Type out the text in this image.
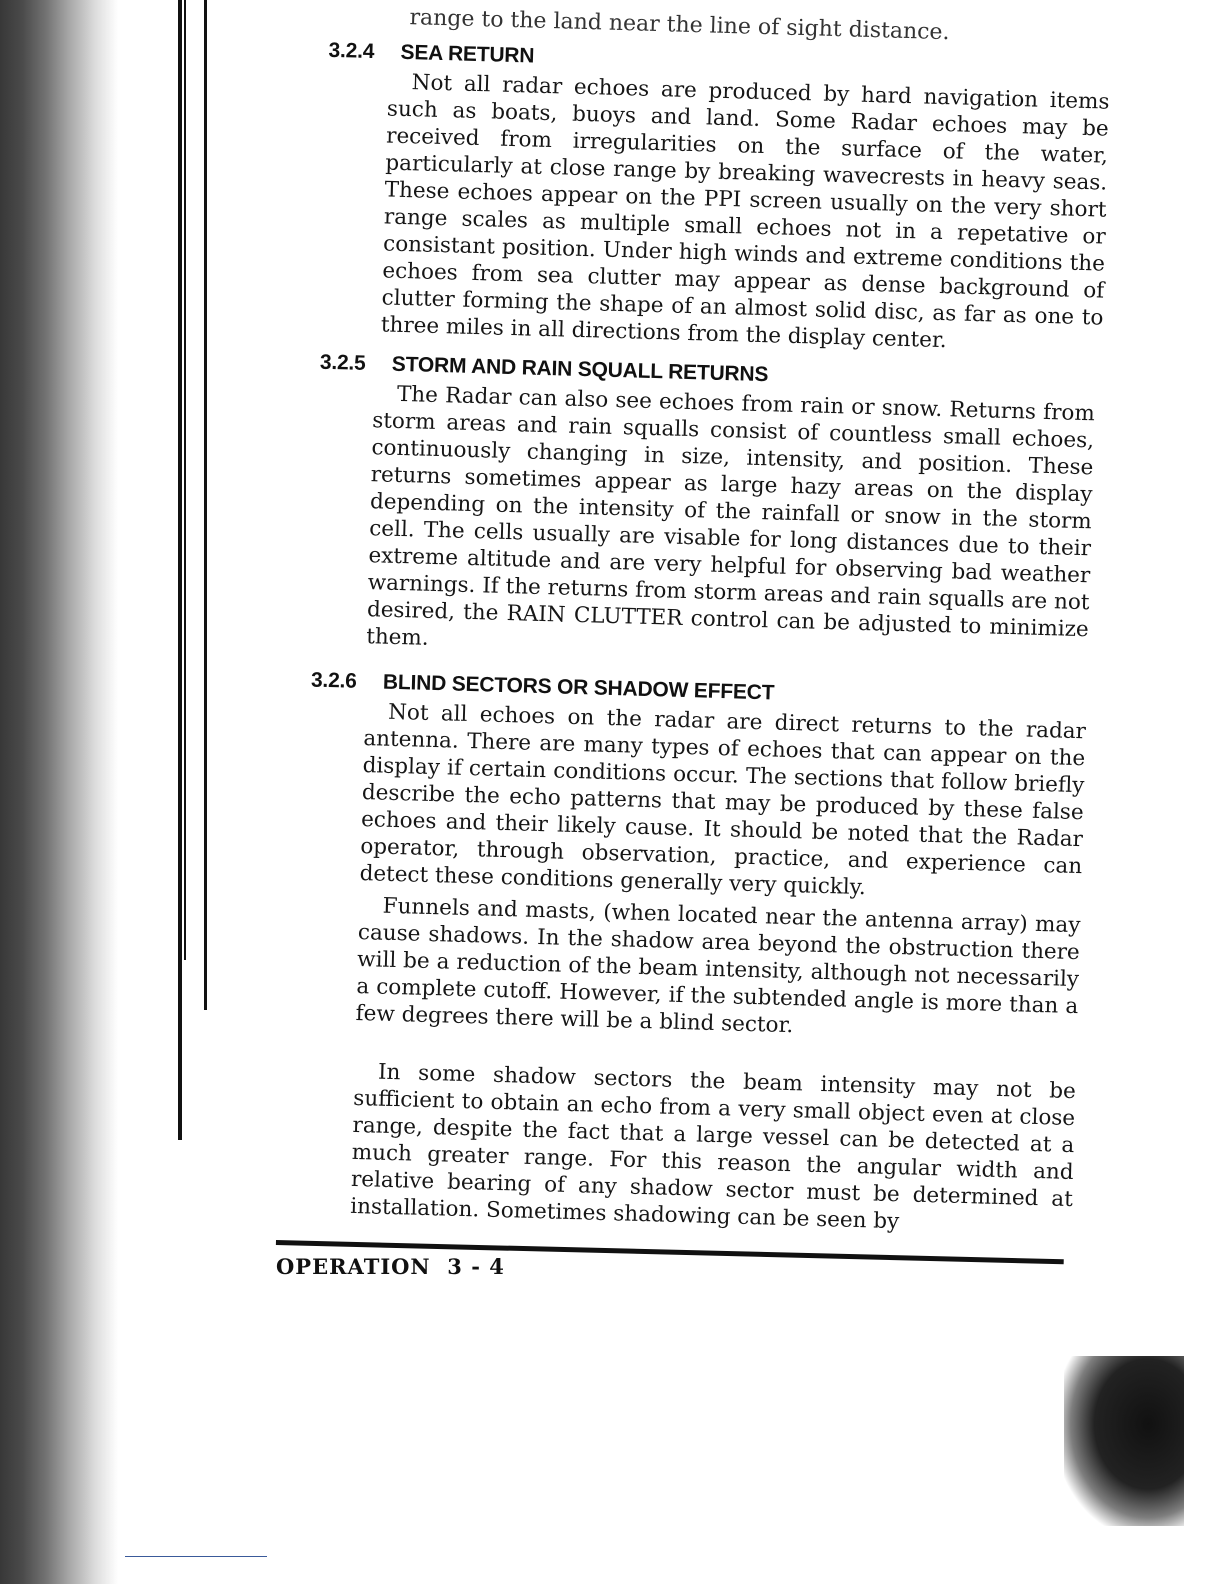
range to the land near the line of sight distance.
3.2.4 SEA RETURN
Not all radar echoes are produced by hard navigation items such as boats, buoys and land. Some Radar echoes may be received from irregularities on the surface of the water, particularly at close range by breaking wavecrests in heavy seas. These echoes appear on the PPI screen usually on the very short range scales as multiple small echoes not in a repetative or consistant position. Under high winds and extreme conditions the echoes from sea clutter may appear as dense background of clutter forming the shape of an almost solid disc, as far as one to three miles in all directions from the display center.
3.2.5 STORM AND RAIN SQUALL RETURNS
The Radar can also see echoes from rain or snow. Returns from storm areas and rain squalls consist of countless small echoes, continuously changing in size, intensity, and position. These returns sometimes appear as large hazy areas on the display depending on the intensity of the rainfall or snow in the storm cell. The cells usually are visable for long distances due to their extreme altitude and are very helpful for observing bad weather warnings. If the returns from storm areas and rain squalls are not desired, the RAIN CLUTTER control can be adjusted to minimize them.
3.2.6 BLIND SECTORS OR SHADOW EFFECT
Not all echoes on the radar are direct returns to the radar antenna. There are many types of echoes that can appear on the display if certain conditions occur. The sections that follow briefly describe the echo patterns that may be produced by these false echoes and their likely cause. It should be noted that the Radar operator, through observation, practice, and experience can detect these conditions generally very quickly.
Funnels and masts, (when located near the antenna array) may cause shadows. In the shadow area beyond the obstruction there will be a reduction of the beam intensity, although not necessarily a complete cutoff. However, if the subtended angle is more than a few degrees there will be a blind sector.
In some shadow sectors the beam intensity may not be sufficient to obtain an echo from a very small object even at close range, despite the fact that a large vessel can be detected at a much greater range. For this reason the angular width and relative bearing of any shadow sector must be determined at installation. Sometimes shadowing can be seen by
OPERATION 3 - 4
